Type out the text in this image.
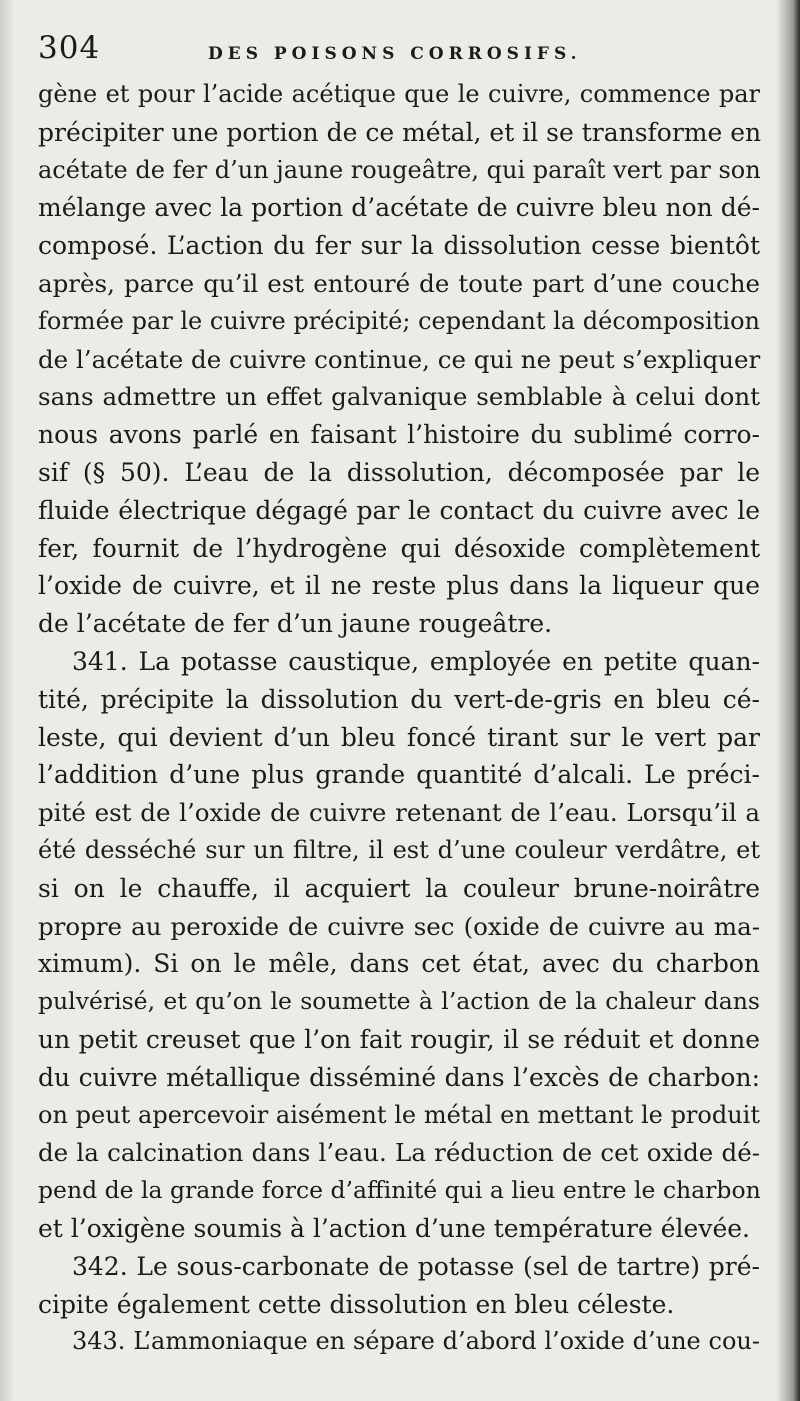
304	DES POISONS CORROSIFS.
gène et pour l’acide acétique que le cuivre, commence par
précipiter une portion de ce métal, et il se transforme en
acétate de fer d’un jaune rougeâtre, qui paraît vert par son
mélange avec la portion d’acétate de cuivre bleu non dé-
composé. L’action du fer sur la dissolution cesse bientôt
après, parce qu’il est entouré de toute part d’une couche
formée par le cuivre précipité; cependant la décomposition
de l’acétate de cuivre continue, ce qui ne peut s’expliquer
sans admettre un effet galvanique semblable à celui dont
nous avons parlé en faisant l’histoire du sublimé corro-
sif (§ 50). L’eau de la dissolution, décomposée par le
fluide électrique dégagé par le contact du cuivre avec le
fer, fournit de l’hydrogène qui désoxide complètement
l’oxide de cuivre, et il ne reste plus dans la liqueur que
de l’acétate de fer d’un jaune rougeâtre.
341. La potasse caustique, employée en petite quan-
tité, précipite la dissolution du vert-de-gris en bleu cé-
leste, qui devient d’un bleu foncé tirant sur le vert par
l’addition d’une plus grande quantité d’alcali. Le préci-
pité est de l’oxide de cuivre retenant de l’eau. Lorsqu’il a
été desséché sur un filtre, il est d’une couleur verdâtre, et
si on le chauffe, il acquiert la couleur brune-noirâtre
propre au peroxide de cuivre sec (oxide de cuivre au ma-
ximum). Si on le mêle, dans cet état, avec du charbon
pulvérisé, et qu’on le soumette à l’action de la chaleur dans
un petit creuset que l’on fait rougir, il se réduit et donne
du cuivre métallique disséminé dans l’excès de charbon:
on peut apercevoir aisément le métal en mettant le produit
de la calcination dans l’eau. La réduction de cet oxide dé-
pend de la grande force d’affinité qui a lieu entre le charbon
et l’oxigène soumis à l’action d’une température élevée.
342. Le sous-carbonate de potasse (sel de tartre) pré-
cipite également cette dissolution en bleu céleste.
343. L’ammoniaque en sépare d’abord l’oxide d’une cou-
